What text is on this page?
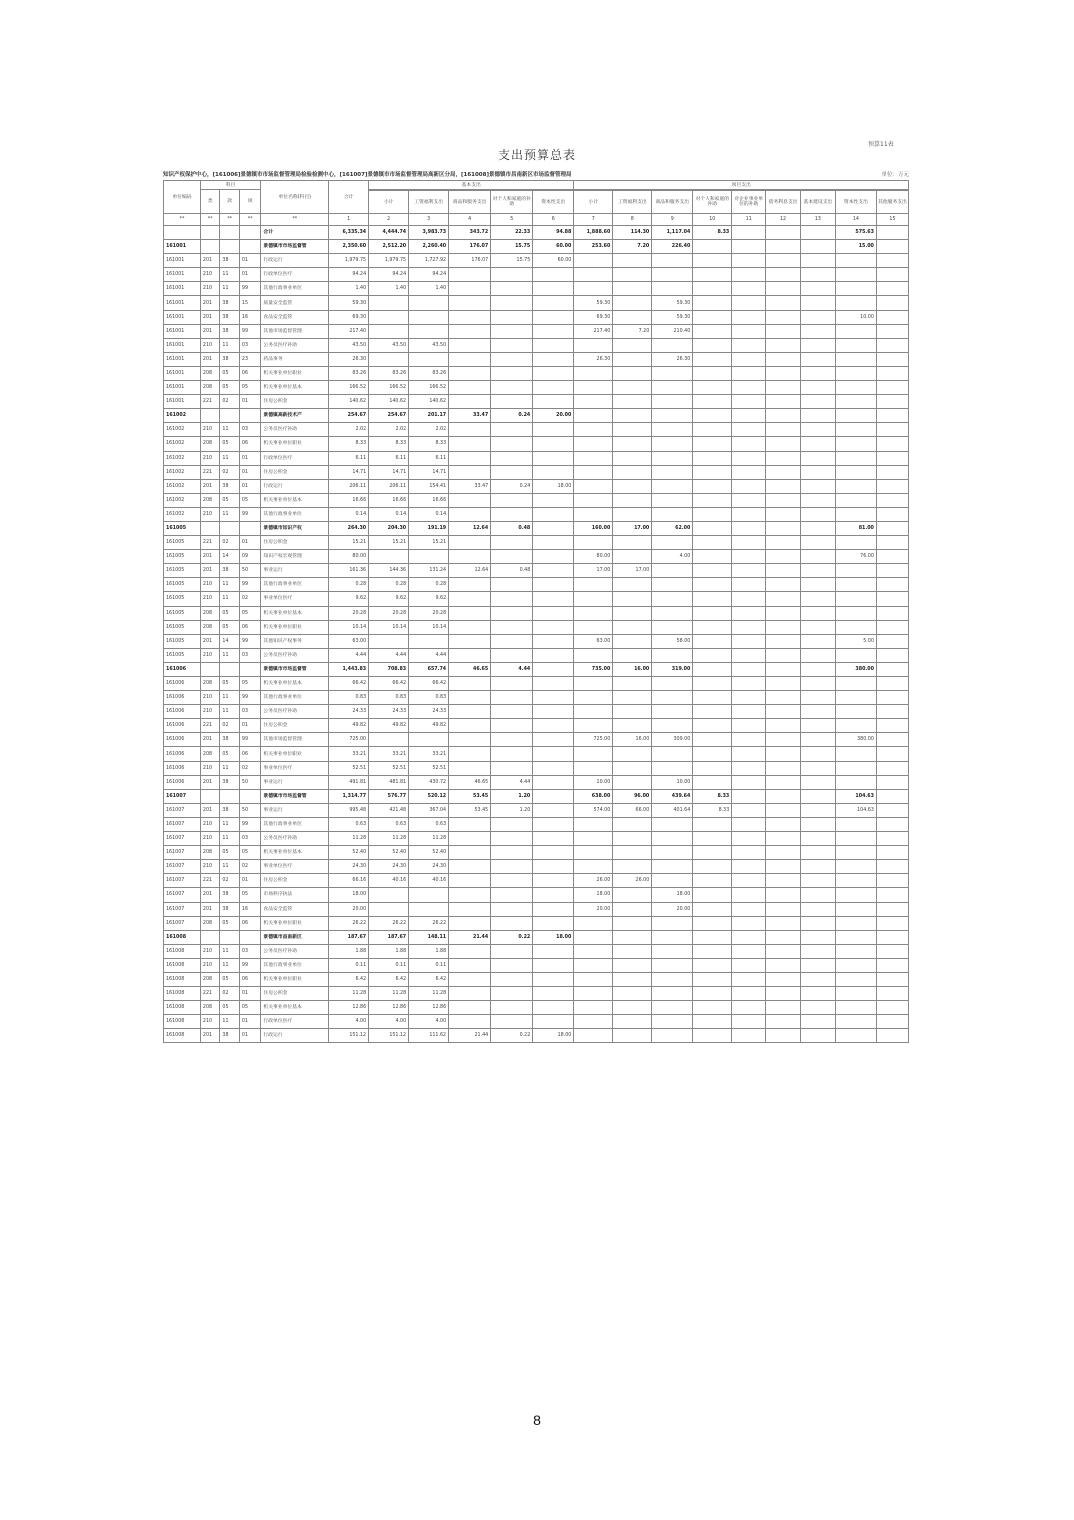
预算11表
支出预算总表
知识产权保护中心，[161006]景德镇市市场监督管理局检验检测中心，[161007]景德镇市市场监督管理局高新区分局，[161008]景德镇市昌南新区市场监督管理局	单位：万元
单位编码	科目			单位名称(科目)	合计	基本支出					项目支出								
	类	款	项																
						小计	工资福利支出	商品和服务支出	对个人和家庭的补助	资本性支出	小计	工资福利支出	商品和服务支出	对个人和家庭的补助	对企业事业单位的补助	债务利息支出	基本建设支出	资本性支出	其他服务支出
**	**	**	**	**	1	2	3	4	5	6	7	8	9	10	11	12	13	14	15
				合计	6,335.34	4,444.74	3,983.73	343.72	22.33	94.88	1,888.60	114.30	1,117.04	8.33				575.63	
161001				景德镇市市场监督管	2,350.60	2,512.20	2,260.40	176.07	15.75	60.00	253.60	7.20	226.40					15.00	
161001	201	38	01	行政运行	1,979.75	1,979.75	1,727.92	176.07	15.75	60.00									
161001	210	11	01	行政单位医疗	94.24	94.24	94.24												
161001	210	11	99	其他行政事业单位	1.40	1.40	1.40												
161001	201	38	15	质量安全监管	59.30						59.30		59.30						
161001	201	38	16	食品安全监管	69.30						69.30		59.30					10.00	
161001	201	38	99	其他市场监督管理	217.40						217.40	7.20	210.40						
161001	210	11	03	公务员医疗补助	43.50	43.50	43.50												
161001	201	38	23	药品事务	26.30						26.30		26.30						
161001	208	05	06	机关事业单位职业	83.26	83.26	83.26												
161001	208	05	05	机关事业单位基本	166.52	166.52	166.52												
161001	221	02	01	住房公积金	140.62	140.62	140.62												
161002				景德镇高新技术产	254.67	254.67	201.17	33.47	0.24	20.00									
161002	210	11	03	公务员医疗补助	2.02	2.02	2.02												
161002	208	05	06	机关事业单位职业	8.33	8.33	8.33												
161002	210	11	01	行政单位医疗	6.11	6.11	6.11												
161002	221	02	01	住房公积金	14.71	14.71	14.71												
161002	201	38	01	行政运行	206.11	206.11	154.41	33.47	0.24	18.00									
161002	208	05	05	机关事业单位基本	16.66	16.66	16.66												
161002	210	11	99	其他行政事业单位	0.14	0.14	0.14												
161005				景德镇市知识产权	264.30	204.30	191.19	12.64	0.48		160.00	17.00	62.00					81.00	
161005	221	02	01	住房公积金	15.21	15.21	15.21												
161005	201	14	09	知识产权宏观管理	80.00						80.00		4.00					76.00	
161005	201	38	50	事业运行	161.36	144.36	131.24	12.64	0.48		17.00	17.00							
161005	210	11	99	其他行政事业单位	0.28	0.28	0.28												
161005	210	11	02	事业单位医疗	9.62	9.62	9.62												
161005	208	05	05	机关事业单位基本	20.28	20.28	20.28												
161005	208	05	06	机关事业单位职业	10.14	10.14	10.14												
161005	201	14	99	其他知识产权事务	63.00						63.00		58.00					5.00	
161005	210	11	03	公务员医疗补助	4.44	4.44	4.44												
161006				景德镇市市场监督管	1,443.83	708.83	657.74	46.65	4.44		735.00	16.00	319.00					380.00	
161006	208	05	05	机关事业单位基本	66.42	66.42	66.42												
161006	210	11	99	其他行政事业单位	0.83	0.83	0.83												
161006	210	11	03	公务员医疗补助	24.33	24.33	24.33												
161006	221	02	01	住房公积金	49.82	49.82	49.82												
161006	201	38	99	其他市场监督管理	725.00						725.00	16.00	309.00					380.00	
161006	208	05	06	机关事业单位职业	33.21	33.21	33.21												
161006	210	11	02	事业单位医疗	52.51	52.51	52.51												
161006	201	38	50	事业运行	491.81	481.81	430.72	46.65	4.44		10.00		10.00						
161007				景德镇市市场监督管	1,314.77	576.77	520.12	53.45	1.20		638.00	96.00	439.64	8.33				104.63	
161007	201	38	50	事业运行	995.48	421.48	367.04	53.45	1.20		574.00	66.00	401.64	8.33				104.63	
161007	210	11	99	其他行政事业单位	0.63	0.63	0.63												
161007	210	11	03	公务员医疗补助	11.28	11.28	11.28												
161007	208	05	05	机关事业单位基本	52.40	52.40	52.40												
161007	210	11	02	事业单位医疗	24.30	24.30	24.30												
161007	221	02	01	住房公积金	66.16	40.16	40.16				26.00	26.00							
161007	201	38	05	市场秩序执法	18.00						18.00		18.00						
161007	201	38	16	食品安全监管	20.00						20.00		20.00						
161007	208	05	06	机关事业单位职业	26.22	26.22	26.22												
161008				景德镇市昌南新区	187.67	187.67	148.11	21.44	0.22	18.00									
161008	210	11	03	公务员医疗补助	1.88	1.88	1.88												
161008	210	11	99	其他行政事业单位	0.11	0.11	0.11												
161008	208	05	06	机关事业单位职业	6.42	6.42	6.42												
161008	221	02	01	住房公积金	11.28	11.28	11.28												
161008	208	05	05	机关事业单位基本	12.86	12.86	12.86												
161008	210	11	01	行政单位医疗	4.00	4.00	4.00												
161008	201	38	01	行政运行	151.12	151.12	111.62	21.44	0.22	18.00									
8
